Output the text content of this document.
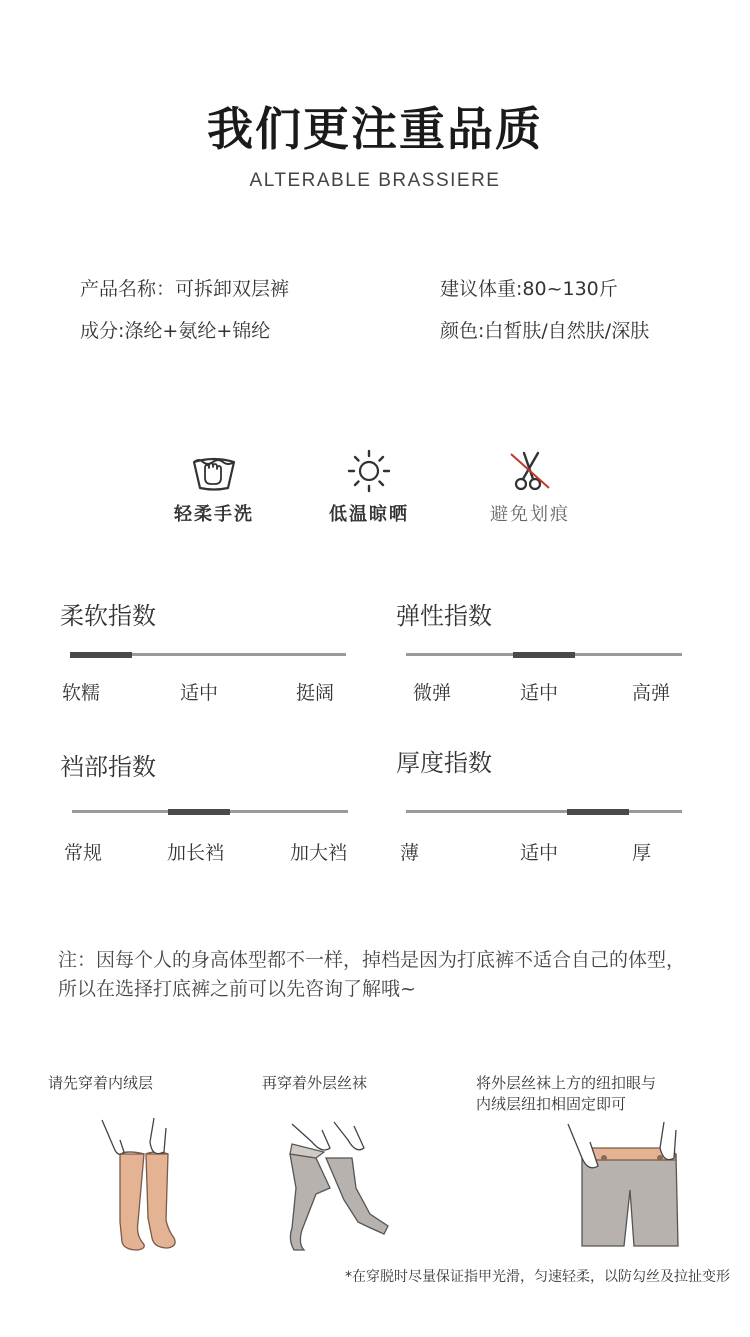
我们更注重品质
ALTERABLE BRASSIERE
产品名称：可拆卸双层裤	建议体重:80~130斤
成分:涤纶+氨纶+锦纶	颜色:白皙肤/自然肤/深肤
轻柔手洗	低温晾晒	避免划痕
柔软指数
软糯	适中	挺阔
弹性指数
微弹	适中	高弹
裆部指数
常规	加长裆	加大裆
厚度指数
薄	适中	厚
注：因每个人的身高体型都不一样，掉档是因为打底裤不适合自己的体型，所以在选择打底裤之前可以先咨询了解哦~
请先穿着内绒层	再穿着外层丝袜	将外层丝袜上方的纽扣眼与
内绒层纽扣相固定即可
*在穿脱时尽量保证指甲光滑，匀速轻柔，以防勾丝及拉扯变形
